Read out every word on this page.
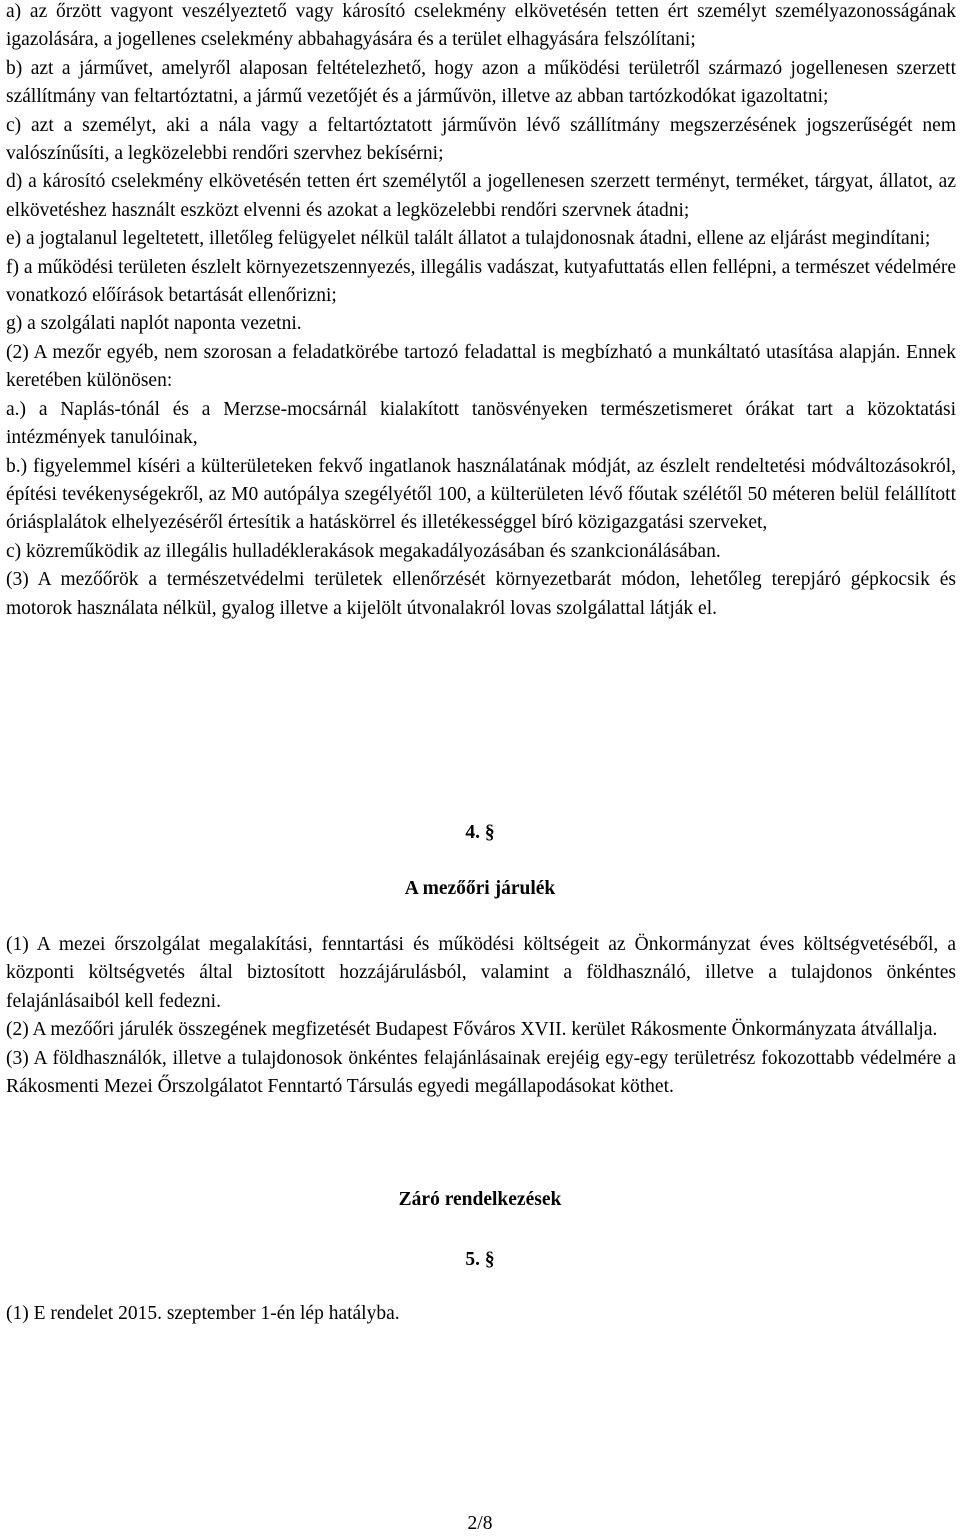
a) az őrzött vagyont veszélyeztető vagy károsító cselekmény elkövetésén tetten ért személyt személyazonosságának igazolására, a jogellenes cselekmény abbahagyására és a terület elhagyására felszólítani;

b) azt a járművet, amelyről alaposan feltételezhető, hogy azon a működési területről származó jogellenesen szerzett szállítmány van feltartóztatni, a jármű vezetőjét és a járművön, illetve az abban tartózkodókat igazoltatni;

c) azt a személyt, aki a nála vagy a feltartóztatott járművön lévő szállítmány megszerzésének jogszerűségét nem valószínűsíti, a legközelebbi rendőri szervhez bekísérni;

d) a károsító cselekmény elkövetésén tetten ért személytől a jogellenesen szerzett terményt, terméket, tárgyat, állatot, az elkövetéshez használt eszközt elvenni és azokat a legközelebbi rendőri szervnek átadni;

e) a jogtalanul legeltetett, illetőleg felügyelet nélkül talált állatot a tulajdonosnak átadni, ellene az eljárást megindítani;

f) a működési területen észlelt környezetszennyezés, illegális vadászat, kutyafuttatás ellen fellépni, a természet védelmére vonatkozó előírások betartását ellenőrizni;

g) a szolgálati naplót naponta vezetni.

(2) A mezőr egyéb, nem szorosan a feladatkörébe tartozó feladattal is megbízható a munkáltató utasítása alapján. Ennek keretében különösen:

a.) a Naplás-tónál és a Merzse-mocsárnál kialakított tanösvényeken természetismeret órákat tart a közoktatási intézmények tanulóinak,

b.) figyelemmel kíséri a külterületeken fekvő ingatlanok használatának módját, az észlelt rendeltetési módváltozásokról, építési tevékenységekről, az M0 autópálya szegélyétől 100, a külterületen lévő főutak szélétől 50 méteren belül felállított óriásplalátok elhelyezéséről értesítik a hatáskörrel és illetékességgel bíró közigazgatási szerveket,

c) közreműködik az illegális hulladéklerakások megakadályozásában és szankcionálásában.

(3) A mezőőrök a természetvédelmi területek ellenőrzését környezetbarát módon, lehetőleg terepjáró gépkocsik és motorok használata nélkül, gyalog illetve a kijelölt útvonalakról lovas szolgálattal látják el.

4. §

A mezőőri járulék

(1) A mezei őrszolgálat megalakítási, fenntartási és működési költségeit az Önkormányzat éves költségvetéséből, a központi költségvetés által biztosított hozzájárulásból, valamint a földhasználó, illetve a tulajdonos önkéntes felajánlásaiból kell fedezni.

(2) A mezőőri járulék összegének megfizetését Budapest Főváros XVII. kerület Rákosmente Önkormányzata átvállalja.

(3) A földhasználók, illetve a tulajdonosok önkéntes felajánlásainak erejéig egy-egy területrész fokozottabb védelmére a Rákosmenti Mezei Őrszolgálatot Fenntartó Társulás egyedi megállapodásokat köthet.

Záró rendelkezések

5. §

(1) E rendelet 2015. szeptember 1-én lép hatályba.

2/8
